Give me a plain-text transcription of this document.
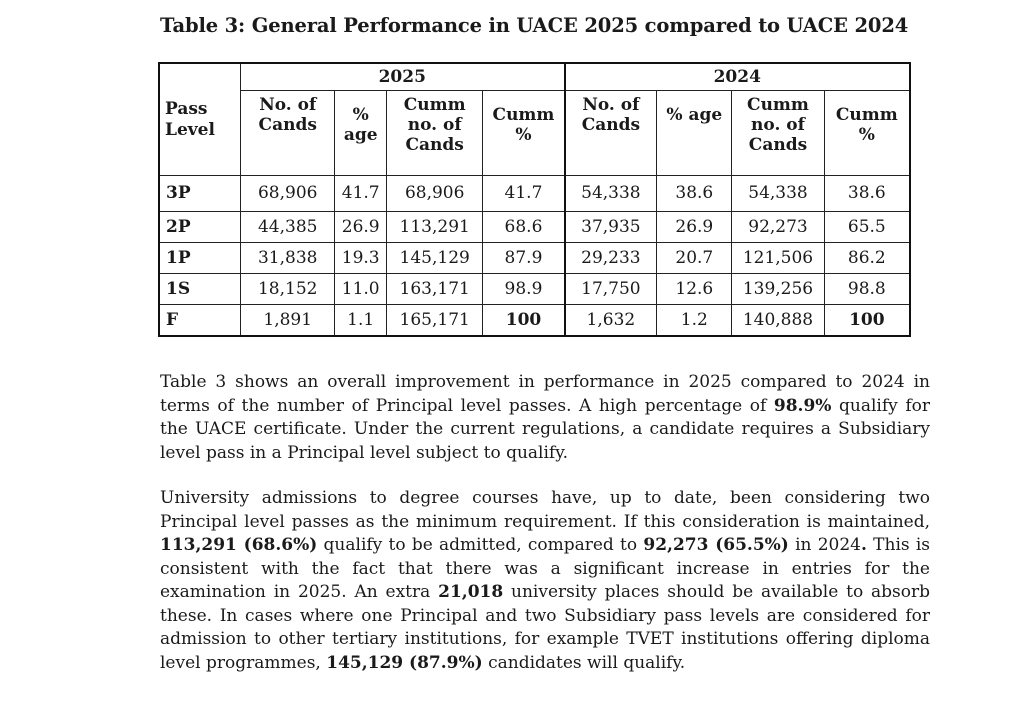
Table 3: General Performance in UACE 2025 compared to UACE 2024
Pass Level	2025				2024			
	No. of Cands	% age	Cumm no. of Cands	Cumm %	No. of Cands	% age	Cumm no. of Cands	Cumm %
3P	68,906	41.7	68,906	41.7	54,338	38.6	54,338	38.6
2P	44,385	26.9	113,291	68.6	37,935	26.9	92,273	65.5
1P	31,838	19.3	145,129	87.9	29,233	20.7	121,506	86.2
1S	18,152	11.0	163,171	98.9	17,750	12.6	139,256	98.8
F	1,891	1.1	165,171	100	1,632	1.2	140,888	100

Table 3 shows an overall improvement in performance in 2025 compared to 2024 in terms of the number of Principal level passes. A high percentage of 98.9% qualify for the UACE certificate. Under the current regulations, a candidate requires a Subsidiary level pass in a Principal level subject to qualify.

University admissions to degree courses have, up to date, been considering two Principal level passes as the minimum requirement. If this consideration is maintained, 113,291 (68.6%) qualify to be admitted, compared to 92,273 (65.5%) in 2024. This is consistent with the fact that there was a significant increase in entries for the examination in 2025. An extra 21,018 university places should be available to absorb these. In cases where one Principal and two Subsidiary pass levels are considered for admission to other tertiary institutions, for example TVET institutions offering diploma level programmes, 145,129 (87.9%) candidates will qualify.
